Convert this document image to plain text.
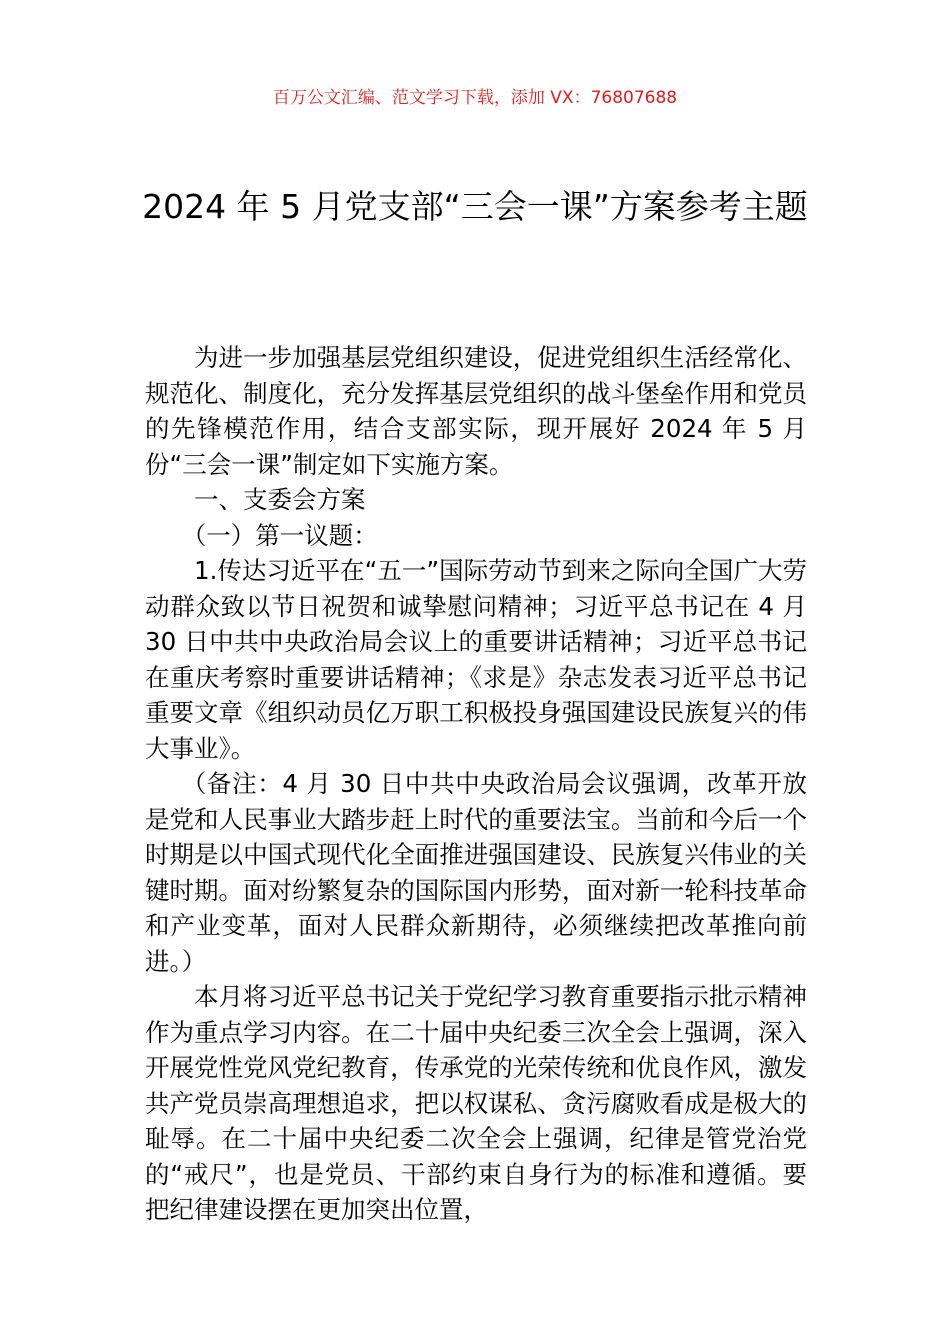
百万公文汇编、范文学习下载，添加 VX：76807688
2024 年 5 月党支部“三会一课”方案参考主题

为进一步加强基层党组织建设，促进党组织生活经常化、规范化、制度化，充分发挥基层党组织的战斗堡垒作用和党员的先锋模范作用，结合支部实际，现开展好 2024 年 5 月份“三会一课”制定如下实施方案。

一、支委会方案

（一）第一议题：

1.传达习近平在“五一”国际劳动节到来之际向全国广大劳动群众致以节日祝贺和诚挚慰问精神；习近平总书记在 4 月 30 日中共中央政治局会议上的重要讲话精神；习近平总书记在重庆考察时重要讲话精神；《求是》杂志发表习近平总书记重要文章《组织动员亿万职工积极投身强国建设民族复兴的伟大事业》。

（备注：4 月 30 日中共中央政治局会议强调，改革开放是党和人民事业大踏步赶上时代的重要法宝。当前和今后一个时期是以中国式现代化全面推进强国建设、民族复兴伟业的关键时期。面对纷繁复杂的国际国内形势，面对新一轮科技革命和产业变革，面对人民群众新期待，必须继续把改革推向前进。）

本月将习近平总书记关于党纪学习教育重要指示批示精神作为重点学习内容。在二十届中央纪委三次全会上强调，深入开展党性党风党纪教育，传承党的光荣传统和优良作风，激发共产党员崇高理想追求，把以权谋私、贪污腐败看成是极大的耻辱。在二十届中央纪委二次全会上强调，纪律是管党治党的“戒尺”，也是党员、干部约束自身行为的标准和遵循。要把纪律建设摆在更加突出位置，
